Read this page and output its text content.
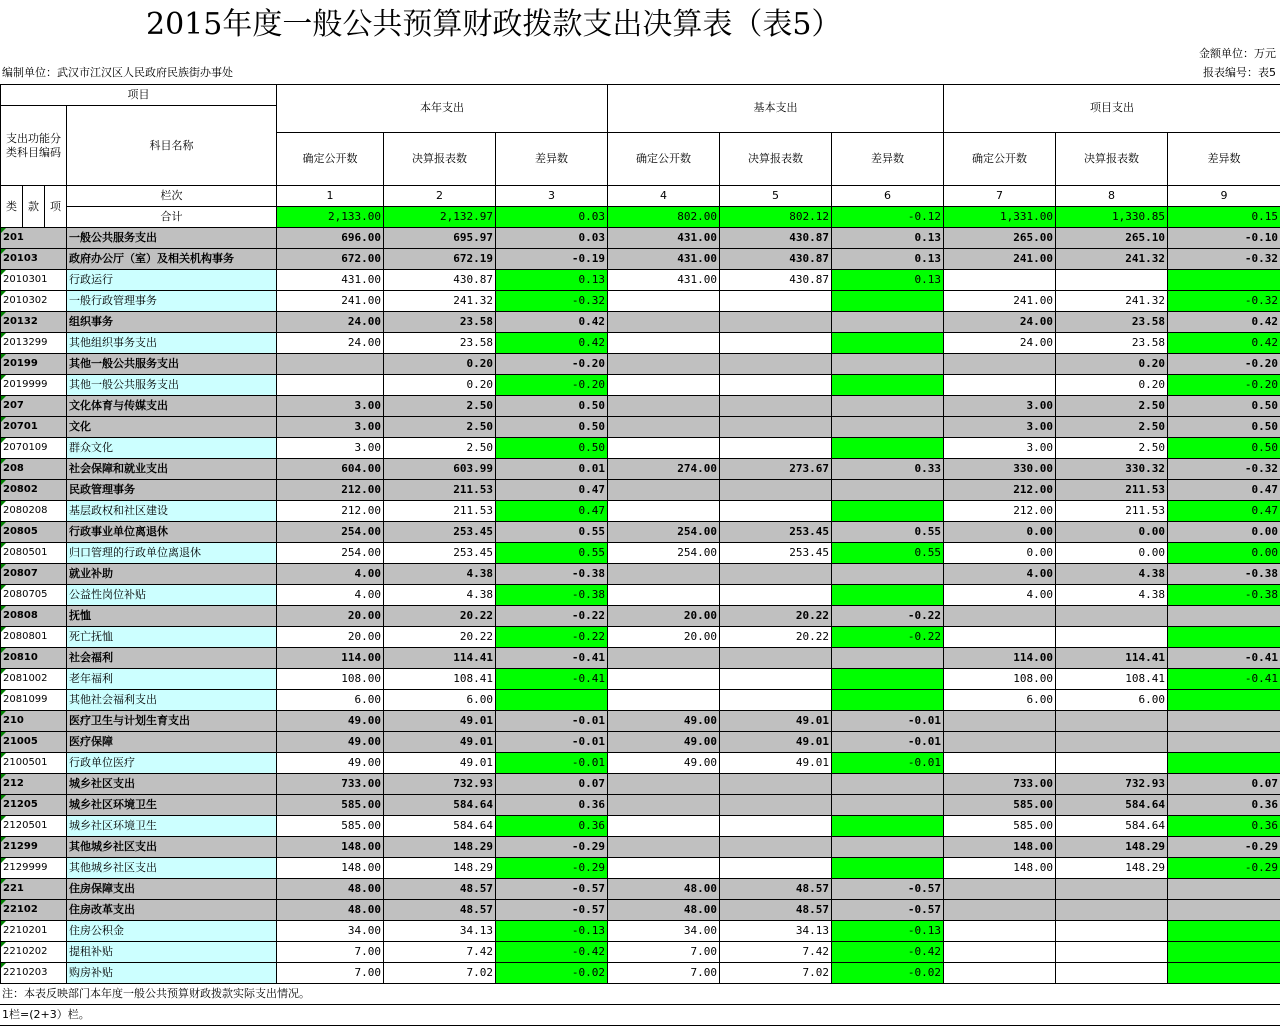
2015年度一般公共预算财政拨款支出决算表（表5）
金额单位：万元
编制单位：武汉市江汉区人民政府民族街办事处	报表编号：表5
项目				本年支出			基本支出			项目支出		
支出功能分类科目编码			科目名称									

				确定公开数	决算报表数	差异数	确定公开数	决算报表数	差异数	确定公开数	决算报表数	差异数
类	款	项	栏次	1	2	3	4	5	6	7	8	9
			合计	2,133.00	2,132.97	0.03	802.00	802.12	-0.12	1,331.00	1,330.85	0.15
201			一般公共服务支出	696.00	695.97	0.03	431.00	430.87	0.13	265.00	265.10	-0.10
20103			政府办公厅（室）及相关机构事务	672.00	672.19	-0.19	431.00	430.87	0.13	241.00	241.32	-0.32
2010301			行政运行	431.00	430.87	0.13	431.00	430.87	0.13			
2010302			一般行政管理事务	241.00	241.32	-0.32				241.00	241.32	-0.32
20132			组织事务	24.00	23.58	0.42				24.00	23.58	0.42
2013299			其他组织事务支出	24.00	23.58	0.42				24.00	23.58	0.42
20199			其他一般公共服务支出		0.20	-0.20					0.20	-0.20
2019999			其他一般公共服务支出		0.20	-0.20					0.20	-0.20
207			文化体育与传媒支出	3.00	2.50	0.50				3.00	2.50	0.50
20701			文化	3.00	2.50	0.50				3.00	2.50	0.50
2070109			群众文化	3.00	2.50	0.50				3.00	2.50	0.50
208			社会保障和就业支出	604.00	603.99	0.01	274.00	273.67	0.33	330.00	330.32	-0.32
20802			民政管理事务	212.00	211.53	0.47				212.00	211.53	0.47
2080208			基层政权和社区建设	212.00	211.53	0.47				212.00	211.53	0.47
20805			行政事业单位离退休	254.00	253.45	0.55	254.00	253.45	0.55	0.00	0.00	0.00
2080501			归口管理的行政单位离退休	254.00	253.45	0.55	254.00	253.45	0.55	0.00	0.00	0.00
20807			就业补助	4.00	4.38	-0.38				4.00	4.38	-0.38
2080705			公益性岗位补贴	4.00	4.38	-0.38				4.00	4.38	-0.38
20808			抚恤	20.00	20.22	-0.22	20.00	20.22	-0.22			
2080801			死亡抚恤	20.00	20.22	-0.22	20.00	20.22	-0.22			
20810			社会福利	114.00	114.41	-0.41				114.00	114.41	-0.41
2081002			老年福利	108.00	108.41	-0.41				108.00	108.41	-0.41
2081099			其他社会福利支出	6.00	6.00					6.00	6.00	
210			医疗卫生与计划生育支出	49.00	49.01	-0.01	49.00	49.01	-0.01			
21005			医疗保障	49.00	49.01	-0.01	49.00	49.01	-0.01			
2100501			行政单位医疗	49.00	49.01	-0.01	49.00	49.01	-0.01			
212			城乡社区支出	733.00	732.93	0.07				733.00	732.93	0.07
21205			城乡社区环境卫生	585.00	584.64	0.36				585.00	584.64	0.36
2120501			城乡社区环境卫生	585.00	584.64	0.36				585.00	584.64	0.36
21299			其他城乡社区支出	148.00	148.29	-0.29				148.00	148.29	-0.29
2129999			其他城乡社区支出	148.00	148.29	-0.29				148.00	148.29	-0.29
221			住房保障支出	48.00	48.57	-0.57	48.00	48.57	-0.57			
22102			住房改革支出	48.00	48.57	-0.57	48.00	48.57	-0.57			
2210201			住房公积金	34.00	34.13	-0.13	34.00	34.13	-0.13			
2210202			提租补贴	7.00	7.42	-0.42	7.00	7.42	-0.42			
2210203			购房补贴	7.00	7.02	-0.02	7.00	7.02	-0.02			
注：本表反映部门本年度一般公共预算财政拨款实际支出情况。
1栏=(2+3）栏。
